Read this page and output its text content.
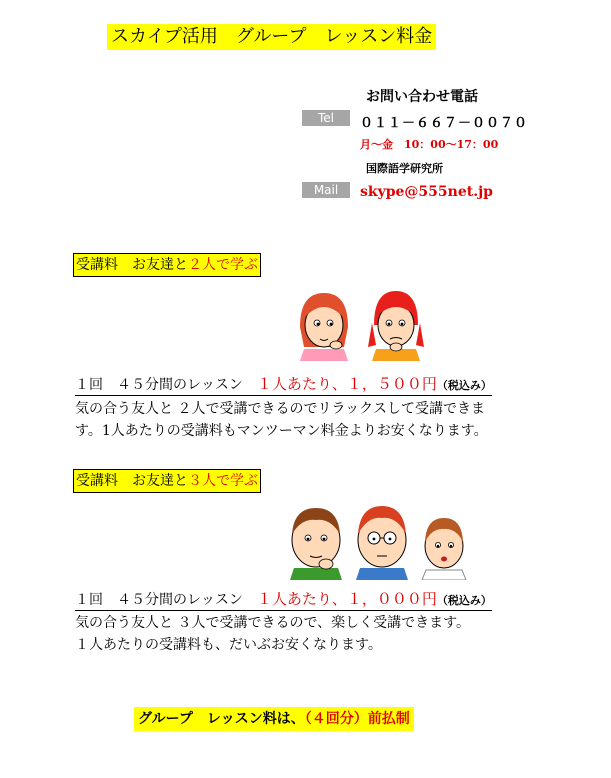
スカイプ活用　グループ　レッスン料金
お問い合わせ電話
Tel	０１１－６６７－００７０
月～金　10：00～17：00
国際語学研究所
Mail	skype@555net.jp
受講料　お友達と２人で学ぶ
１回　４５分間のレッスン　１人あたり、１，５００円（税込み）
気の合う友人と ２人で受講できるのでリラックスして受講できま
す。1人あたりの受講料もマンツーマン料金よりお安くなります。
受講料　お友達と３人で学ぶ
１回　４５分間のレッスン　１人あたり、１，０００円（税込み）
気の合う友人と ３人で受講できるので、楽しく受講できます。
１人あたりの受講料も、だいぶお安くなります。
グループ　レッスン料は、（４回分）前払制
